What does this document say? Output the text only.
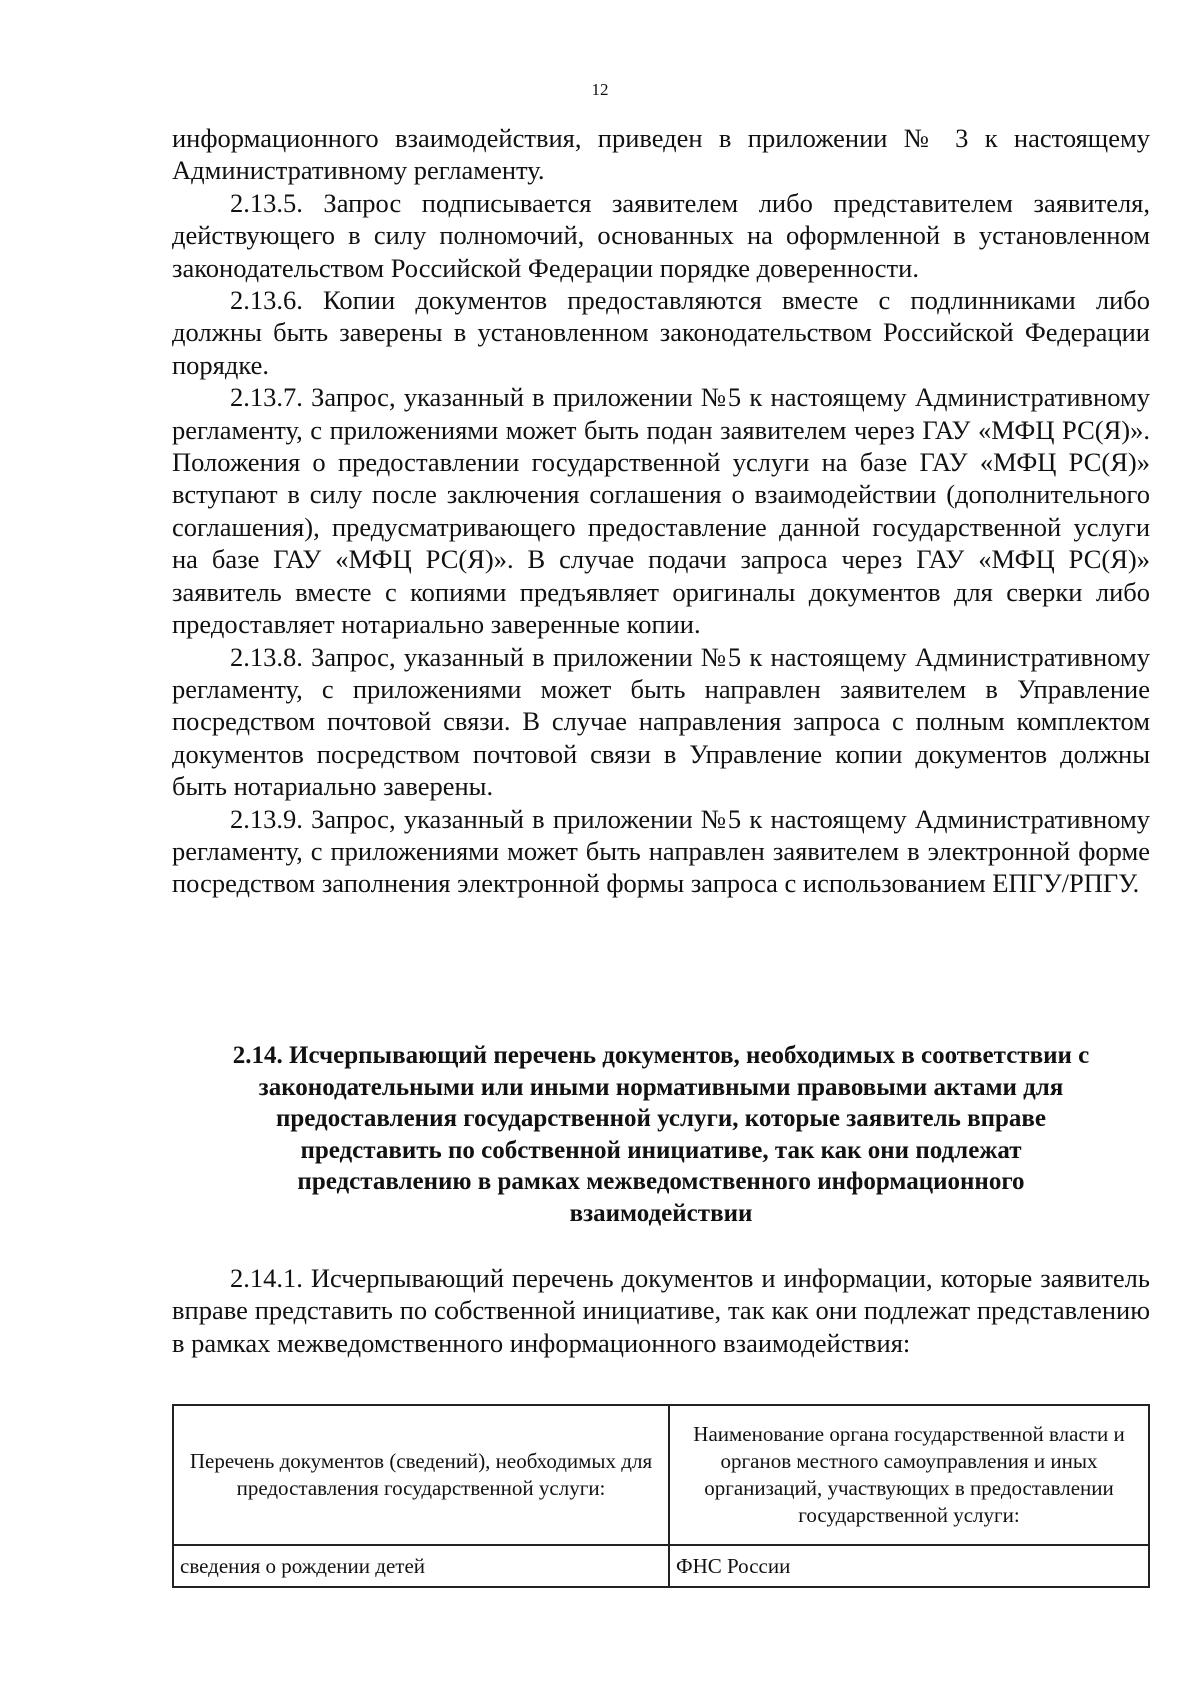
12

информационного взаимодействия, приведен в приложении № 3 к настоящему Административному регламенту.

2.13.5. Запрос подписывается заявителем либо представителем заявителя, действующего в силу полномочий, основанных на оформленной в установленном законодательством Российской Федерации порядке доверенности.

2.13.6. Копии документов предоставляются вместе с подлинниками либо должны быть заверены в установленном законодательством Российской Федерации порядке.

2.13.7. Запрос, указанный в приложении №5 к настоящему Административному регламенту, с приложениями может быть подан заявителем через ГАУ «МФЦ РС(Я)». Положения о предоставлении государственной услуги на базе ГАУ «МФЦ РС(Я)» вступают в силу после заключения соглашения о взаимодействии (дополнительного соглашения), предусматривающего предоставление данной государственной услуги на базе ГАУ «МФЦ РС(Я)». В случае подачи запроса через ГАУ «МФЦ РС(Я)» заявитель вместе с копиями предъявляет оригиналы документов для сверки либо предоставляет нотариально заверенные копии.

2.13.8. Запрос, указанный в приложении №5 к настоящему Административному регламенту, с приложениями может быть направлен заявителем в Управление посредством почтовой связи. В случае направления запроса с полным комплектом документов посредством почтовой связи в Управление копии документов должны быть нотариально заверены.

2.13.9. Запрос, указанный в приложении №5 к настоящему Административному регламенту, с приложениями может быть направлен заявителем в электронной форме посредством заполнения электронной формы запроса с использованием ЕПГУ/РПГУ.

2.14. Исчерпывающий перечень документов, необходимых в соответствии с законодательными или иными нормативными правовыми актами для предоставления государственной услуги, которые заявитель вправе представить по собственной инициативе, так как они подлежат представлению в рамках межведомственного информационного взаимодействии

2.14.1. Исчерпывающий перечень документов и информации, которые заявитель вправе представить по собственной инициативе, так как они подлежат представлению в рамках межведомственного информационного взаимодействия:

Перечень документов (сведений), необходимых для предоставления государственной услуги:	Наименование органа государственной власти и органов местного самоуправления и иных организаций, участвующих в предоставлении государственной услуги:
сведения о рождении детей	ФНС России
